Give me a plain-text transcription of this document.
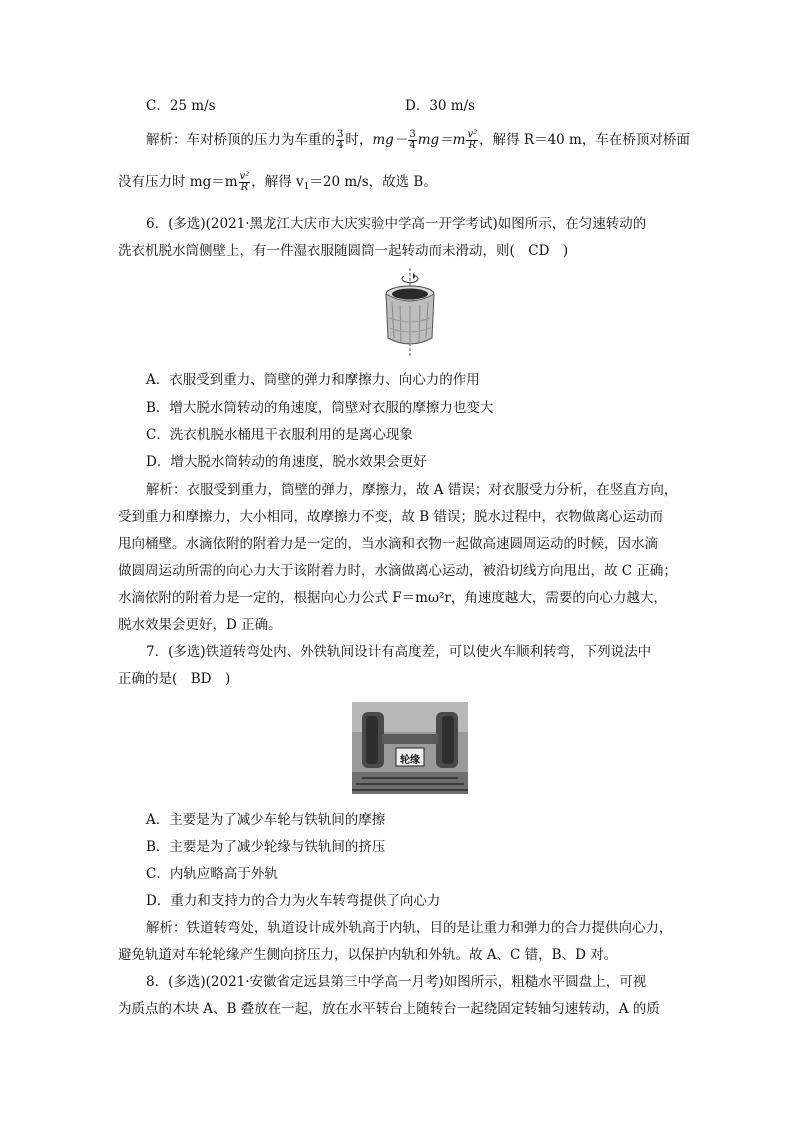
C．25 m/s	D．30 m/s
解析：车对桥顶的压力为车重的 $\frac{3}{4}$ 时，$mg- \frac{3}{4} mg=m \frac{\text{v²}}{R}$ ，解得 R＝40 m，车在桥顶对桥面
没有压力时 $mg=m \frac{\text{v²}}{R}$ ，解得 $v_1=20$ m/s，故选 B。
6．(多选)(2021·黑龙江大庆市大庆实验中学高一开学考试)如图所示，在匀速转动的
洗衣机脱水筒侧壁上，有一件湿衣服随圆筒一起转动而未滑动，则(　CD　)
A．衣服受到重力、筒壁的弹力和摩擦力、向心力的作用
B．增大脱水筒转动的角速度，筒壁对衣服的摩擦力也变大
C．洗衣机脱水桶甩干衣服利用的是离心现象
D．增大脱水筒转动的角速度，脱水效果会更好
解析：衣服受到重力，筒壁的弹力，摩擦力，故 A 错误；对衣服受力分析，在竖直方向，
受到重力和摩擦力，大小相同，故摩擦力不变，故 B 错误；脱水过程中，衣物做离心运动而
甩向桶壁。水滴依附的附着力是一定的，当水滴和衣物一起做高速圆周运动的时候，因水滴
做圆周运动所需的向心力大于该附着力时，水滴做离心运动，被沿切线方向甩出，故 C 正确；
水滴依附的附着力是一定的，根据向心力公式 F＝mω²r，角速度越大，需要的向心力越大，
脱水效果会更好，D 正确。
7．(多选)铁道转弯处内、外铁轨间设计有高度差，可以使火车顺利转弯，下列说法中
正确的是(　BD　)
轮缘
A．主要是为了减少车轮与铁轨间的摩擦
B．主要是为了减少轮缘与铁轨间的挤压
C．内轨应略高于外轨
D．重力和支持力的合力为火车转弯提供了向心力
解析：铁道转弯处，轨道设计成外轨高于内轨，目的是让重力和弹力的合力提供向心力，
避免轨道对车轮轮缘产生侧向挤压力，以保护内轨和外轨。故 A、C 错，B、D 对。
8．(多选)(2021·安徽省定远县第三中学高一月考)如图所示，粗糙水平圆盘上，可视
为质点的木块 A、B 叠放在一起，放在水平转台上随转台一起绕固定转轴匀速转动，A 的质
